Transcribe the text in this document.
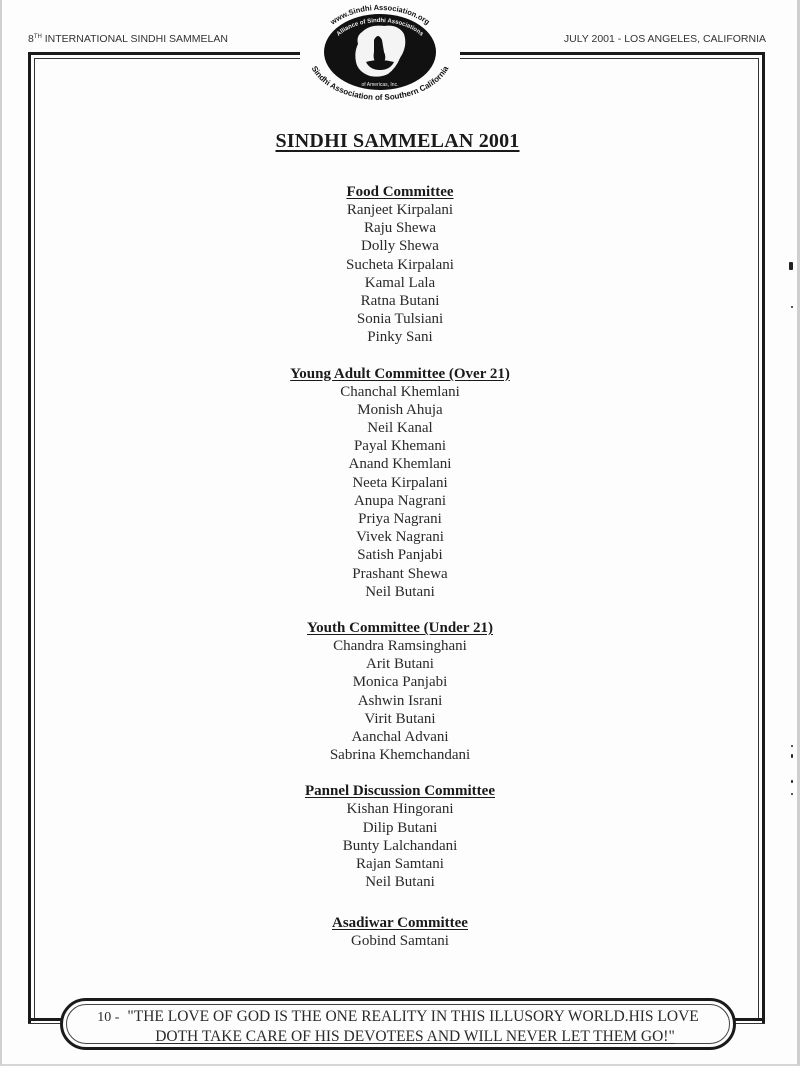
8TH INTERNATIONAL SINDHI SAMMELAN	JULY 2001 - LOS ANGELES, CALIFORNIA
www.Sindhi Association.org
Alliance of Sindhi Associations
of Americas, Inc.
Sindhi Association of Southern California
SINDHI SAMMELAN 2001
Food Committee
Ranjeet Kirpalani
Raju Shewa
Dolly Shewa
Sucheta Kirpalani
Kamal Lala
Ratna Butani
Sonia Tulsiani
Pinky Sani
Young Adult Committee (Over 21)
Chanchal Khemlani
Monish Ahuja
Neil Kanal
Payal Khemani
Anand Khemlani
Neeta Kirpalani
Anupa Nagrani
Priya Nagrani
Vivek Nagrani
Satish Panjabi
Prashant Shewa
Neil Butani
Youth Committee (Under 21)
Chandra Ramsinghani
Arit Butani
Monica Panjabi
Ashwin Israni
Virit Butani
Aanchal Advani
Sabrina Khemchandani
Pannel Discussion Committee
Kishan Hingorani
Dilip Butani
Bunty Lalchandani
Rajan Samtani
Neil Butani
Asadiwar Committee
Gobind Samtani
10 - "THE LOVE OF GOD IS THE ONE REALITY IN THIS ILLUSORY WORLD.HIS LOVE
DOTH TAKE CARE OF HIS DEVOTEES AND WILL NEVER LET THEM GO!"
